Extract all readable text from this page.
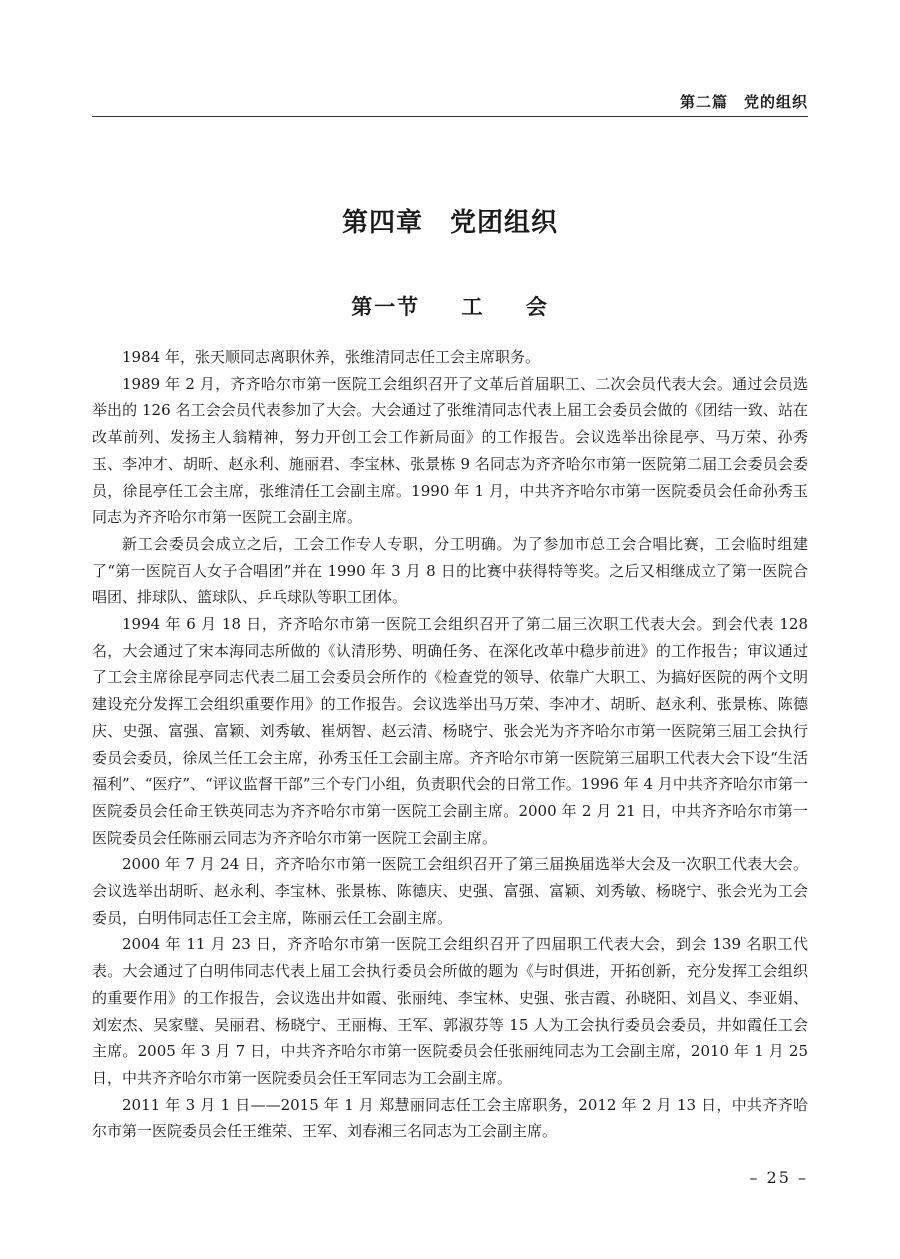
第二篇　党的组织
第四章　党团组织
第一节 工 会

1984 年，张天顺同志离职休养，张维清同志任工会主席职务。

1989 年 2 月，齐齐哈尔市第一医院工会组织召开了文革后首届职工、二次会员代表大会。通过会员选举出的 126 名工会会员代表参加了大会。大会通过了张维清同志代表上届工会委员会做的《团结一致、站在改革前列、发扬主人翁精神，努力开创工会工作新局面》的工作报告。会议选举出徐昆亭、马万荣、孙秀玉、李冲才、胡昕、赵永利、施丽君、李宝林、张景栋 9 名同志为齐齐哈尔市第一医院第二届工会委员会委员，徐昆亭任工会主席，张维清任工会副主席。1990 年 1 月，中共齐齐哈尔市第一医院委员会任命孙秀玉同志为齐齐哈尔市第一医院工会副主席。

新工会委员会成立之后，工会工作专人专职，分工明确。为了参加市总工会合唱比赛，工会临时组建了“第一医院百人女子合唱团”并在 1990 年 3 月 8 日的比赛中获得特等奖。之后又相继成立了第一医院合唱团、排球队、篮球队、乒乓球队等职工团体。

1994 年 6 月 18 日，齐齐哈尔市第一医院工会组织召开了第二届三次职工代表大会。到会代表 128 名，大会通过了宋本海同志所做的《认清形势、明确任务、在深化改革中稳步前进》的工作报告；审议通过了工会主席徐昆亭同志代表二届工会委员会所作的《检查党的领导、依靠广大职工、为搞好医院的两个文明建设充分发挥工会组织重要作用》的工作报告。会议选举出马万荣、李冲才、胡昕、赵永利、张景栋、陈德庆、史强、富强、富颖、刘秀敏、崔炳智、赵云清、杨晓宁、张会光为齐齐哈尔市第一医院第三届工会执行委员会委员，徐凤兰任工会主席，孙秀玉任工会副主席。齐齐哈尔市第一医院第三届职工代表大会下设“生活福利”、“医疗”、“评议监督干部”三个专门小组，负责职代会的日常工作。1996 年 4 月中共齐齐哈尔市第一医院委员会任命王铁英同志为齐齐哈尔市第一医院工会副主席。2000 年 2 月 21 日，中共齐齐哈尔市第一医院委员会任陈丽云同志为齐齐哈尔市第一医院工会副主席。

2000 年 7 月 24 日，齐齐哈尔市第一医院工会组织召开了第三届换届选举大会及一次职工代表大会。会议选举出胡昕、赵永利、李宝林、张景栋、陈德庆、史强、富强、富颖、刘秀敏、杨晓宁、张会光为工会委员，白明伟同志任工会主席，陈丽云任工会副主席。

2004 年 11 月 23 日，齐齐哈尔市第一医院工会组织召开了四届职工代表大会，到会 139 名职工代表。大会通过了白明伟同志代表上届工会执行委员会所做的题为《与时俱进，开拓创新，充分发挥工会组织的重要作用》的工作报告，会议选出井如霞、张丽纯、李宝林、史强、张吉霞、孙晓阳、刘昌义、李亚娟、刘宏杰、吴家璧、吴丽君、杨晓宁、王丽梅、王军、郭淑芬等 15 人为工会执行委员会委员，井如霞任工会主席。2005 年 3 月 7 日，中共齐齐哈尔市第一医院委员会任张丽纯同志为工会副主席，2010 年 1 月 25 日，中共齐齐哈尔市第一医院委员会任王军同志为工会副主席。

2011 年 3 月 1 日——2015 年 1 月 郑慧丽同志任工会主席职务，2012 年 2 月 13 日，中共齐齐哈尔市第一医院委员会任王维荣、王军、刘春湘三名同志为工会副主席。

– 25 –
